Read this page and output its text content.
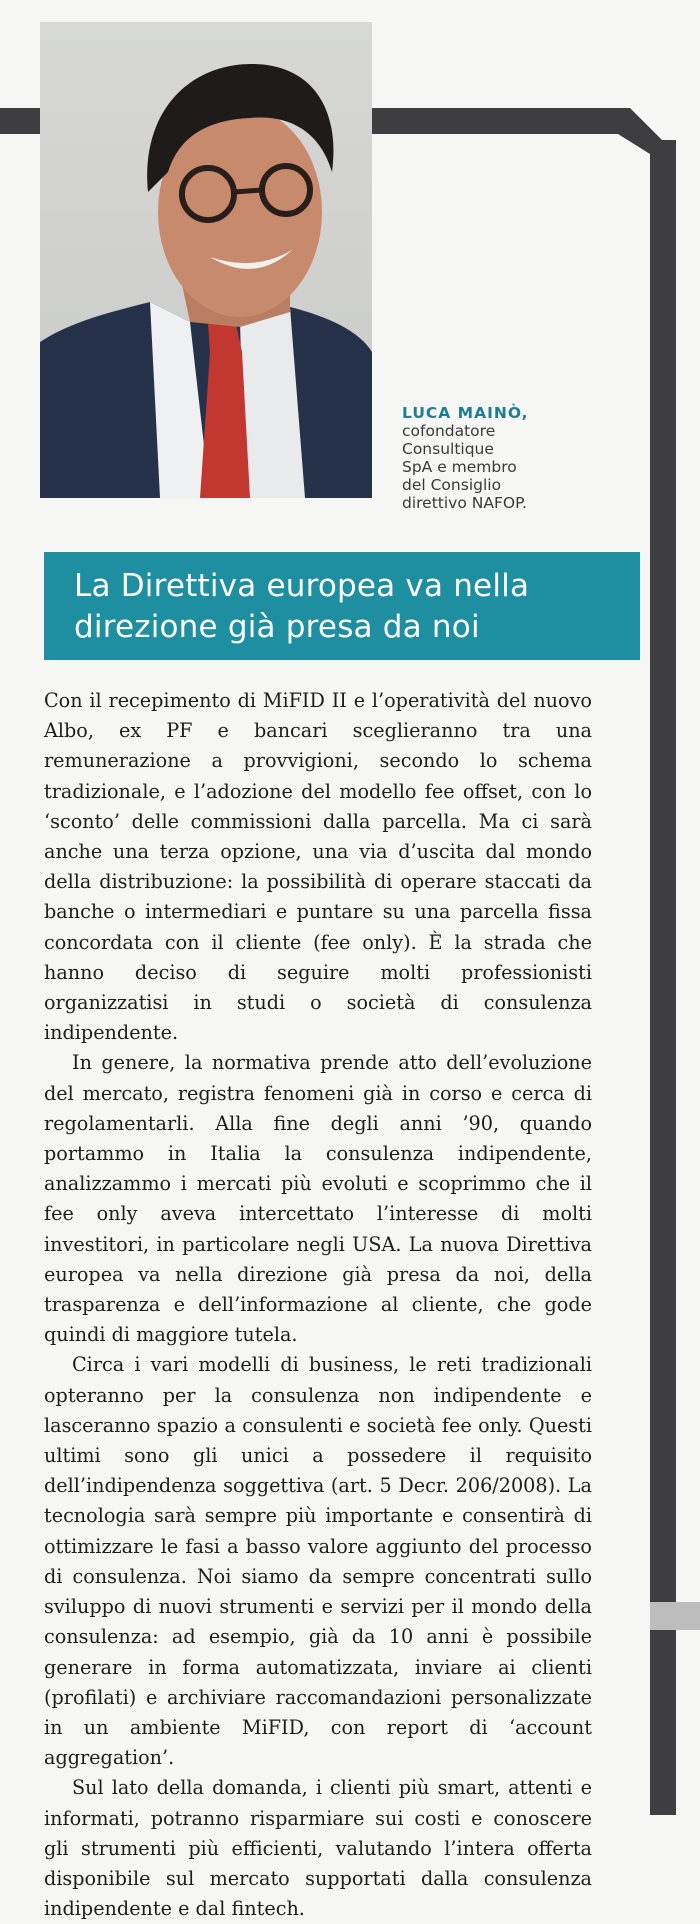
LUCA MAINÒ,
cofondatore
Consultique
SpA e membro
del Consiglio
direttivo NAFOP.
La Direttiva europea va nella
direzione già presa da noi

Con il recepimento di MiFID II e l’operatività del nuovo Albo, ex PF e bancari sceglieranno tra una remunerazione a provvigioni, secondo lo schema tradizionale, e l’adozione del modello fee offset, con lo ‘sconto’ delle commissioni dalla parcella. Ma ci sarà anche una terza opzione, una via d’uscita dal mondo della distribuzione: la possibilità di operare staccati da banche o intermediari e puntare su una parcella fissa concordata con il cliente (fee only). È la strada che hanno deciso di seguire molti professionisti organizzatisi in studi o società di consulenza indipendente.

In genere, la normativa prende atto dell’evoluzione del mercato, registra fenomeni già in corso e cerca di regolamentarli. Alla fine degli anni ’90, quando portammo in Italia la consulenza indipendente, analizzammo i mercati più evoluti e scoprimmo che il fee only aveva intercettato l’interesse di molti investitori, in particolare negli USA. La nuova Direttiva europea va nella direzione già presa da noi, della trasparenza e dell’informazione al cliente, che gode quindi di maggiore tutela.

Circa i vari modelli di business, le reti tradizionali opteranno per la consulenza non indipendente e lasceranno spazio a consulenti e società fee only. Questi ultimi sono gli unici a possedere il requisito dell’indipendenza soggettiva (art. 5 Decr. 206/2008). La tecnologia sarà sempre più importante e consentirà di ottimizzare le fasi a basso valore aggiunto del processo di consulenza. Noi siamo da sempre concentrati sullo sviluppo di nuovi strumenti e servizi per il mondo della consulenza: ad esempio, già da 10 anni è possibile generare in forma automatizzata, inviare ai clienti (profilati) e archiviare raccomandazioni personalizzate in un ambiente MiFID, con report di ‘account aggregation’.

Sul lato della domanda, i clienti più smart, attenti e informati, potranno risparmiare sui costi e conoscere gli strumenti più efficienti, valutando l’intera offerta disponibile sul mercato supportati dalla consulenza indipendente e dal fintech.
